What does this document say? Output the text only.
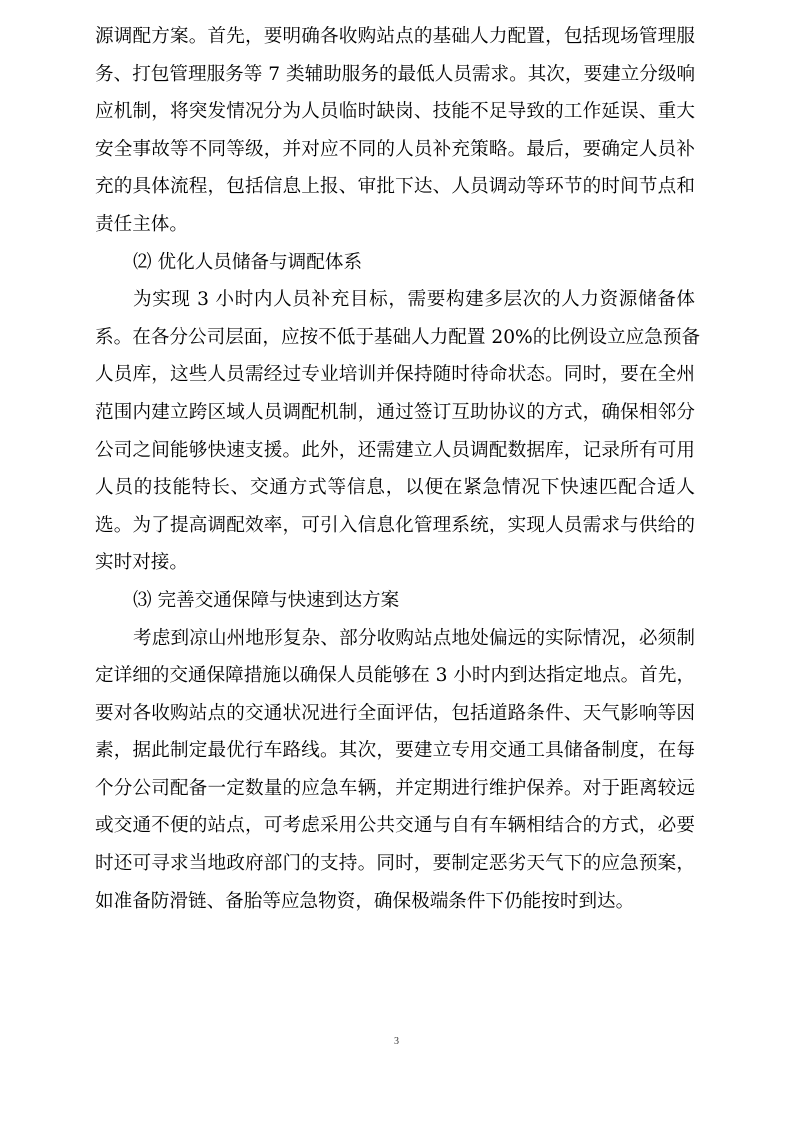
源调配方案。首先，要明确各收购站点的基础人力配置，包括现场管理服
务、打包管理服务等 7 类辅助服务的最低人员需求。其次，要建立分级响
应机制，将突发情况分为人员临时缺岗、技能不足导致的工作延误、重大
安全事故等不同等级，并对应不同的人员补充策略。最后，要确定人员补
充的具体流程，包括信息上报、审批下达、人员调动等环节的时间节点和
责任主体。
⑵ 优化人员储备与调配体系
为实现 3 小时内人员补充目标，需要构建多层次的人力资源储备体
系。在各分公司层面，应按不低于基础人力配置 20%的比例设立应急预备
人员库，这些人员需经过专业培训并保持随时待命状态。同时，要在全州
范围内建立跨区域人员调配机制，通过签订互助协议的方式，确保相邻分
公司之间能够快速支援。此外，还需建立人员调配数据库，记录所有可用
人员的技能特长、交通方式等信息，以便在紧急情况下快速匹配合适人
选。为了提高调配效率，可引入信息化管理系统，实现人员需求与供给的
实时对接。
⑶ 完善交通保障与快速到达方案
考虑到凉山州地形复杂、部分收购站点地处偏远的实际情况，必须制
定详细的交通保障措施以确保人员能够在 3 小时内到达指定地点。首先，
要对各收购站点的交通状况进行全面评估，包括道路条件、天气影响等因
素，据此制定最优行车路线。其次，要建立专用交通工具储备制度，在每
个分公司配备一定数量的应急车辆，并定期进行维护保养。对于距离较远
或交通不便的站点，可考虑采用公共交通与自有车辆相结合的方式，必要
时还可寻求当地政府部门的支持。同时，要制定恶劣天气下的应急预案，
如准备防滑链、备胎等应急物资，确保极端条件下仍能按时到达。
3
